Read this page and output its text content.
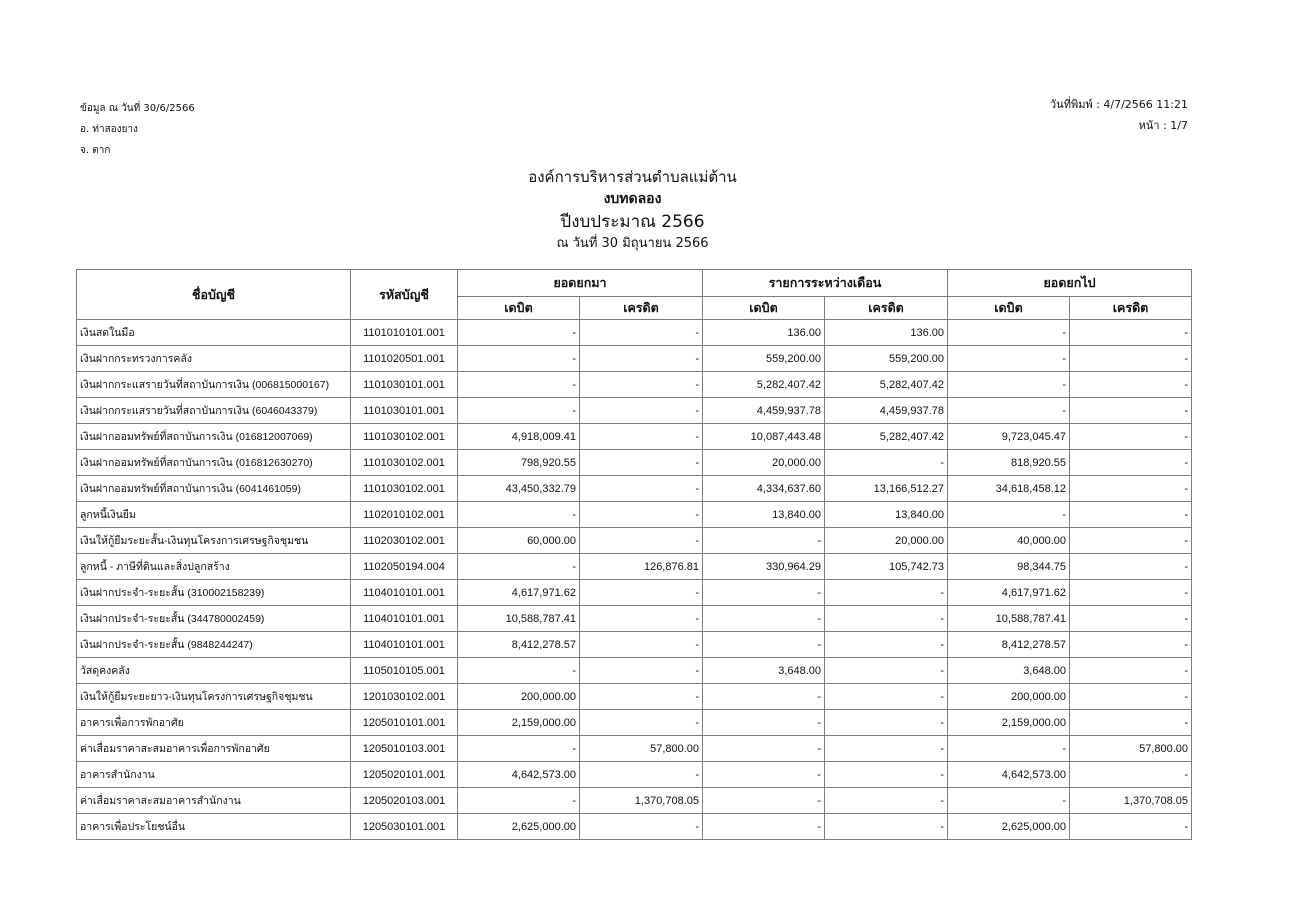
ข้อมูล ณ วันที่ 30/6/2566
อ. ท่าสองยาง
จ. ตาก
วันที่พิมพ์ : 4/7/2566 11:21
หน้า : 1/7
องค์การบริหารส่วนตำบลแม่ต้าน
งบทดลอง
ปีงบประมาณ 2566
ณ วันที่ 30 มิถุนายน 2566
ชื่อบัญชี	รหัสบัญชี	ยอดยกมา		รายการระหว่างเดือน		ยอดยกไป	
		เดบิต	เครดิต	เดบิต	เครดิต	เดบิต	เครดิต
เงินสดในมือ	1101010101.001	-	-	136.00	136.00	-	-
เงินฝากกระทรวงการคลัง	1101020501.001	-	-	559,200.00	559,200.00	-	-
เงินฝากกระแสรายวันที่สถาบันการเงิน (006815000167)	1101030101.001	-	-	5,282,407.42	5,282,407.42	-	-
เงินฝากกระแสรายวันที่สถาบันการเงิน (6046043379)	1101030101.001	-	-	4,459,937.78	4,459,937.78	-	-
เงินฝากออมทรัพย์ที่สถาบันการเงิน (016812007069)	1101030102.001	4,918,009.41	-	10,087,443.48	5,282,407.42	9,723,045.47	-
เงินฝากออมทรัพย์ที่สถาบันการเงิน (016812630270)	1101030102.001	798,920.55	-	20,000.00	-	818,920.55	-
เงินฝากออมทรัพย์ที่สถาบันการเงิน (6041461059)	1101030102.001	43,450,332.79	-	4,334,637.60	13,166,512.27	34,618,458.12	-
ลูกหนี้เงินยืม	1102010102.001	-	-	13,840.00	13,840.00	-	-
เงินให้กู้ยืมระยะสั้น-เงินทุนโครงการเศรษฐกิจชุมชน	1102030102.001	60,000.00	-	-	20,000.00	40,000.00	-
ลูกหนี้ - ภาษีที่ดินและสิ่งปลูกสร้าง	1102050194.004	-	126,876.81	330,964.29	105,742.73	98,344.75	-
เงินฝากประจำ-ระยะสั้น (310002158239)	1104010101.001	4,617,971.62	-	-	-	4,617,971.62	-
เงินฝากประจำ-ระยะสั้น (344780002459)	1104010101.001	10,588,787.41	-	-	-	10,588,787.41	-
เงินฝากประจำ-ระยะสั้น (9848244247)	1104010101.001	8,412,278.57	-	-	-	8,412,278.57	-
วัสดุคงคลัง	1105010105.001	-	-	3,648.00	-	3,648.00	-
เงินให้กู้ยืมระยะยาว-เงินทุนโครงการเศรษฐกิจชุมชน	1201030102.001	200,000.00	-	-	-	200,000.00	-
อาคารเพื่อการพักอาศัย	1205010101.001	2,159,000.00	-	-	-	2,159,000.00	-
ค่าเสื่อมราคาสะสมอาคารเพื่อการพักอาศัย	1205010103.001	-	57,800.00	-	-	-	57,800.00
อาคารสำนักงาน	1205020101.001	4,642,573.00	-	-	-	4,642,573.00	-
ค่าเสื่อมราคาสะสมอาคารสำนักงาน	1205020103.001	-	1,370,708.05	-	-	-	1,370,708.05
อาคารเพื่อประโยชน์อื่น	1205030101.001	2,625,000.00	-	-	-	2,625,000.00	-
